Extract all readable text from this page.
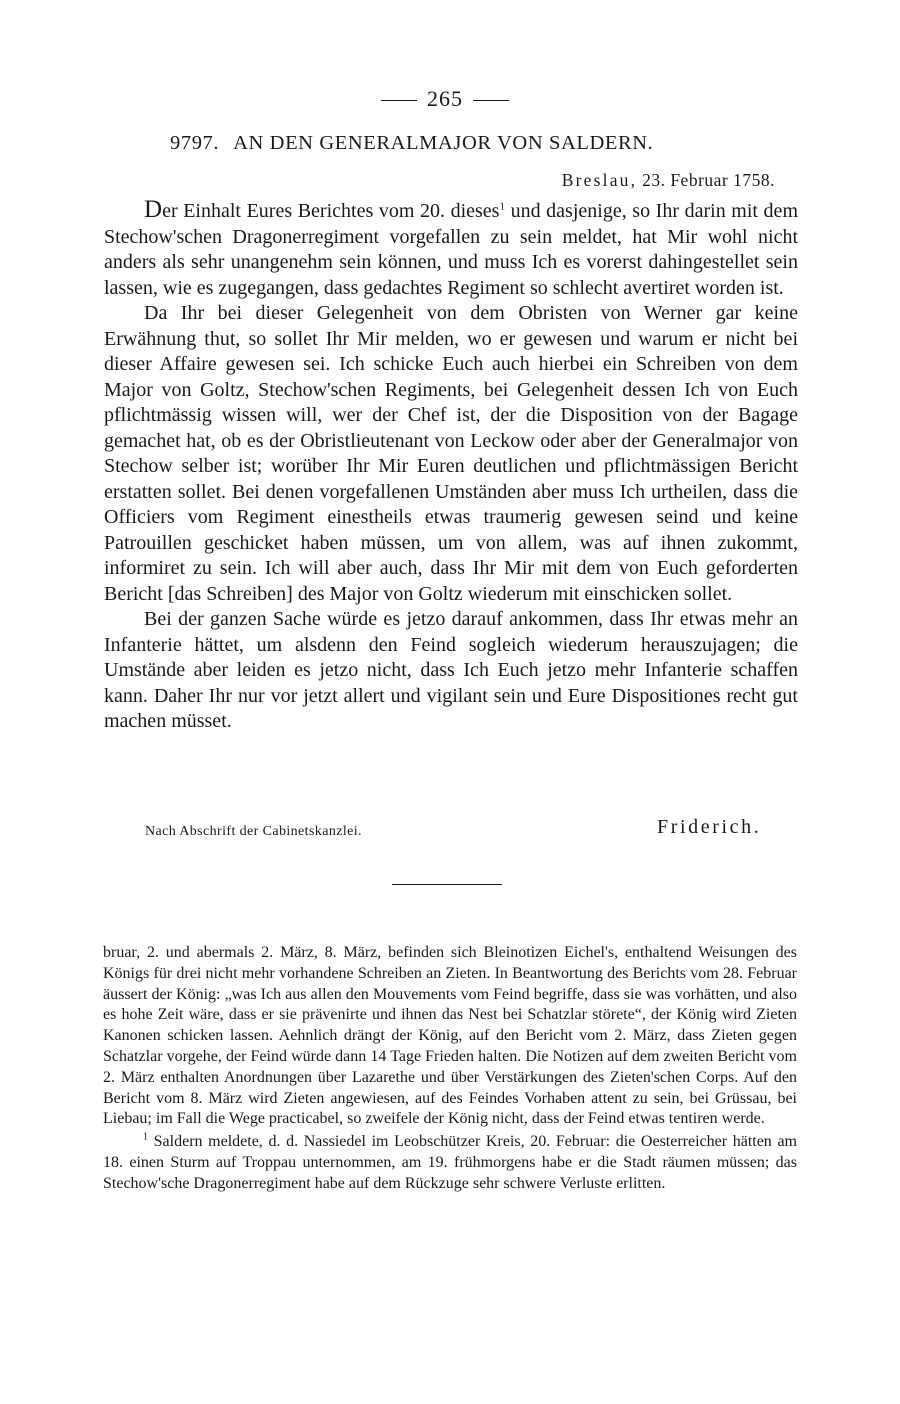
265
9797. AN DEN GENERALMAJOR VON SALDERN.
Breslau, 23. Februar 1758.

Der Einhalt Eures Berichtes vom 20. dieses$^1$ und dasjenige, so Ihr darin mit dem Stechow'schen Dragonerregiment vorgefallen zu sein meldet, hat Mir wohl nicht anders als sehr unangenehm sein können, und muss Ich es vorerst dahingestellet sein lassen, wie es zugegangen, dass gedachtes Regiment so schlecht avertiret worden ist.

Da Ihr bei dieser Gelegenheit von dem Obristen von Werner gar keine Erwähnung thut, so sollet Ihr Mir melden, wo er gewesen und warum er nicht bei dieser Affaire gewesen sei. Ich schicke Euch auch hierbei ein Schreiben von dem Major von Goltz, Stechow'schen Regiments, bei Gelegenheit dessen Ich von Euch pflichtmässig wissen will, wer der Chef ist, der die Disposition von der Bagage gemachet hat, ob es der Obristlieutenant von Leckow oder aber der Generalmajor von Stechow selber ist; worüber Ihr Mir Euren deutlichen und pflichtmässigen Bericht erstatten sollet. Bei denen vorgefallenen Umständen aber muss Ich urtheilen, dass die Officiers vom Regiment einestheils etwas traumerig gewesen seind und keine Patrouillen geschicket haben müssen, um von allem, was auf ihnen zukommt, informiret zu sein. Ich will aber auch, dass Ihr Mir mit dem von Euch geforderten Bericht [das Schreiben] des Major von Goltz wiederum mit einschicken sollet.

Bei der ganzen Sache würde es jetzo darauf ankommen, dass Ihr etwas mehr an Infanterie hättet, um alsdenn den Feind sogleich wiederum herauszujagen; die Umstände aber leiden es jetzo nicht, dass Ich Euch jetzo mehr Infanterie schaffen kann. Daher Ihr nur vor jetzt allert und vigilant sein und Eure Dispositiones recht gut machen müsset.

Nach Abschrift der Cabinetskanzlei.	Friderich.

bruar, 2. und abermals 2. März, 8. März, befinden sich Bleinotizen Eichel's, enthaltend Weisungen des Königs für drei nicht mehr vorhandene Schreiben an Zieten. In Beantwortung des Berichts vom 28. Februar äussert der König: „was Ich aus allen den Mouvements vom Feind begriffe, dass sie was vorhätten, und also es hohe Zeit wäre, dass er sie prävenirte und ihnen das Nest bei Schatzlar störete“, der König wird Zieten Kanonen schicken lassen. Aehnlich drängt der König, auf den Bericht vom 2. März, dass Zieten gegen Schatzlar vorgehe, der Feind würde dann 14 Tage Frieden halten. Die Notizen auf dem zweiten Bericht vom 2. März enthalten Anordnungen über Lazarethe und über Verstärkungen des Zieten'schen Corps. Auf den Bericht vom 8. März wird Zieten angewiesen, auf des Feindes Vorhaben attent zu sein, bei Grüssau, bei Liebau; im Fall die Wege practicabel, so zweifele der König nicht, dass der Feind etwas tentiren werde.

$^1$ Saldern meldete, d. d. Nassiedel im Leobschützer Kreis, 20. Februar: die Oesterreicher hätten am 18. einen Sturm auf Troppau unternommen, am 19. frühmorgens habe er die Stadt räumen müssen; das Stechow'sche Dragonerregiment habe auf dem Rückzuge sehr schwere Verluste erlitten.
